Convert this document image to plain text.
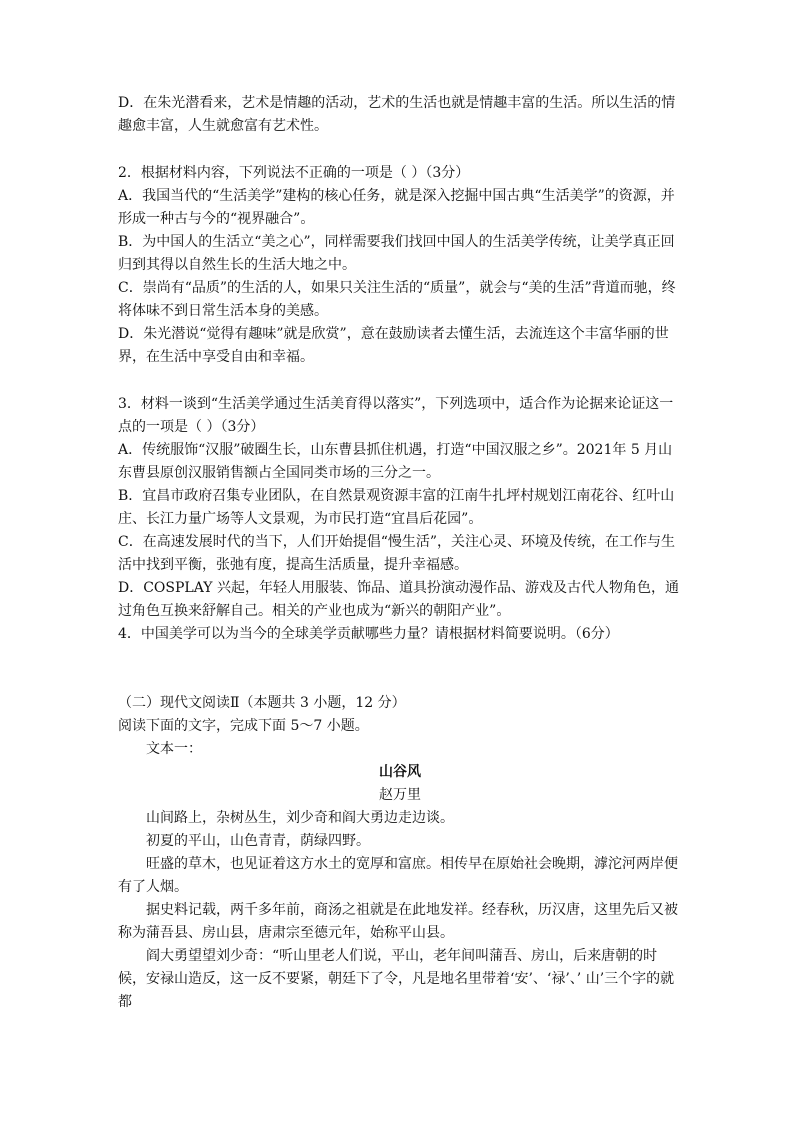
D．在朱光潜看来，艺术是情趣的活动，艺术的生活也就是情趣丰富的生活。所以生活的情趣愈丰富，人生就愈富有艺术性。

2．根据材料内容，下列说法不正确的一项是（ ）（3分）

A．我国当代的“生活美学”建构的核心任务，就是深入挖掘中国古典“生活美学”的资源，并形成一种古与今的“视界融合”。

B．为中国人的生活立“美之心”，同样需要我们找回中国人的生活美学传统，让美学真正回归到其得以自然生长的生活大地之中。

C．崇尚有“品质”的生活的人，如果只关注生活的“质量”，就会与“美的生活”背道而驰，终将体味不到日常生活本身的美感。

D．朱光潜说“觉得有趣味”就是欣赏”，意在鼓励读者去懂生活，去流连这个丰富华丽的世界，在生活中享受自由和幸福。

3．材料一谈到“生活美学通过生活美育得以落实”，下列选项中，适合作为论据来论证这一点的一项是（ ）（3分）

A．传统服饰“汉服”破圈生长，山东曹县抓住机遇，打造“中国汉服之乡”。2021年 5 月山东曹县原创汉服销售额占全国同类市场的三分之一。

B．宜昌市政府召集专业团队，在自然景观资源丰富的江南牛扎坪村规划江南花谷、红叶山庄、长江力量广场等人文景观，为市民打造“宜昌后花园”。

C．在高速发展时代的当下，人们开始提倡“慢生活”，关注心灵、环境及传统，在工作与生活中找到平衡，张弛有度，提高生活质量，提升幸福感。

D．COSPLAY 兴起，年轻人用服装、饰品、道具扮演动漫作品、游戏及古代人物角色，通过角色互换来舒解自己。相关的产业也成为“新兴的朝阳产业”。

4．中国美学可以为当今的全球美学贡献哪些力量？请根据材料简要说明。（6分）

（二）现代文阅读Ⅱ（本题共 3 小题，12 分）

阅读下面的文字，完成下面 5～7 小题。

文本一：

山谷风

赵万里

山间路上，杂树丛生，刘少奇和阎大勇边走边谈。

初夏的平山，山色青青，荫绿四野。

旺盛的草木，也见证着这方水土的宽厚和富庶。相传早在原始社会晚期，滹沱河两岸便有了人烟。

据史料记载，两千多年前，商汤之祖就是在此地发祥。经春秋，历汉唐，这里先后又被称为蒲吾县、房山县，唐肃宗至德元年，始称平山县。

阎大勇望望刘少奇：“听山里老人们说，平山，老年间叫蒲吾、房山，后来唐朝的时候，安禄山造反，这一反不要紧，朝廷下了令，凡是地名里带着‘安’、‘禄’、’ 山’三个字的就都
